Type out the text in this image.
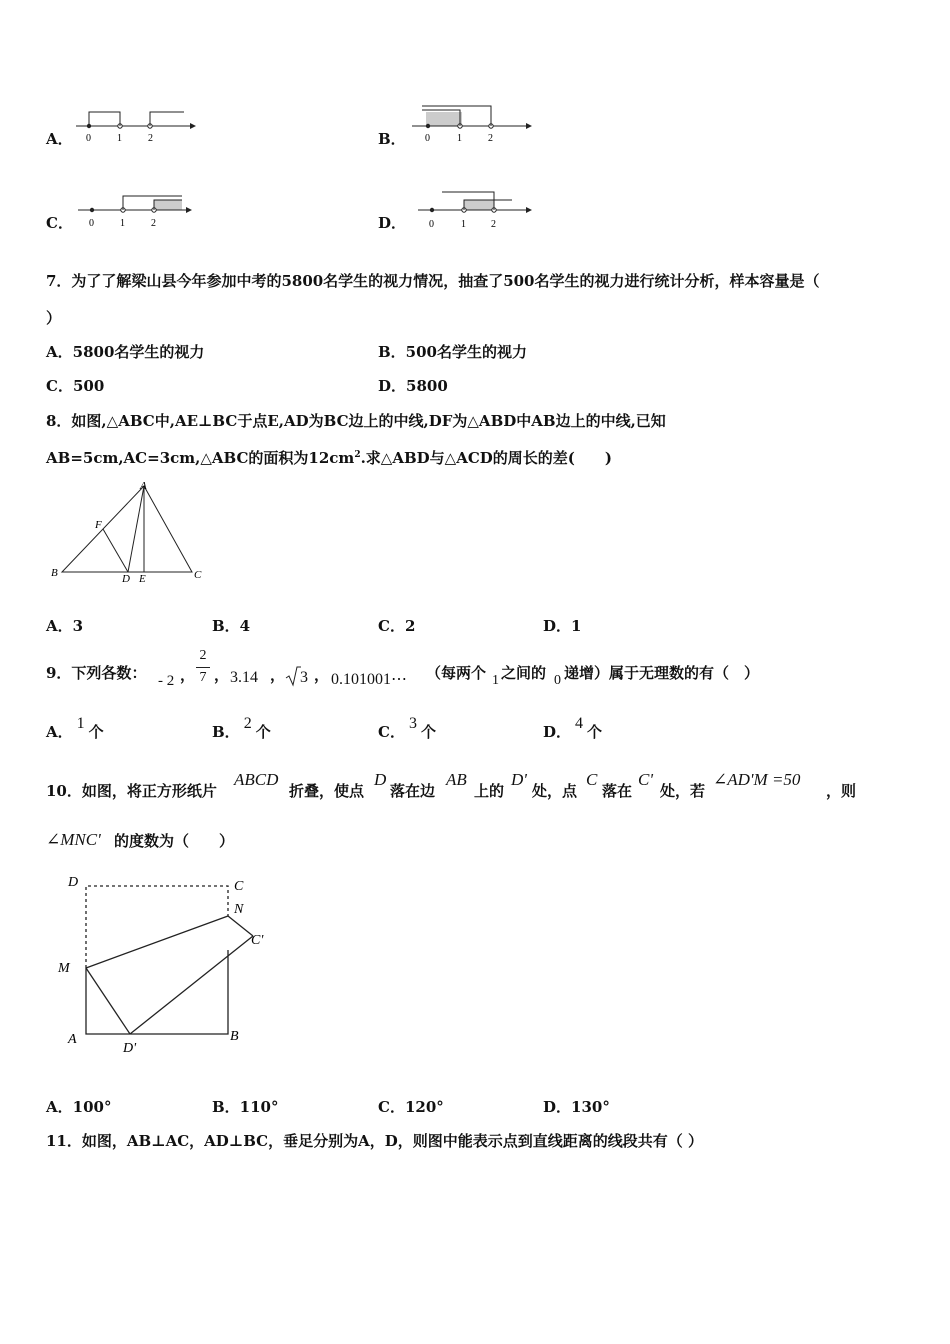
A． 0	1	2	B． 0	1	2
C． 0	1	2	D． 0	1	2
7．为了了解梁山县今年参加中考的5800名学生的视力情况，抽查了500名学生的视力进行统计分析，样本容量是（
）
A．5800名学生的视力	B．500名学生的视力
C．500	D．5800
8．如图,△ABC中,AE⊥BC于点E,AD为BC边上的中线,DF为△ABD中AB边上的中线,已知
AB=5cm,AC=3cm,△ABC的面积为$12cm^2$.求△ABD与△ACD的周长的差(　　)
A
B	C
D E
F
A．3	B．4	C．2	D．1
9．下列各数： - 2 ，
2
7 ， 3.14 ， 3 ， 0.101001⋯ （每两个 1 之间的 0 递增）属于无理数的有（　）
A． 1 个	B． 2 个	C． 3 个	D． 4 个
10．如图，将正方形纸片
ABCD
折叠，使点
D
落在边
AB
上的
D'
处，点
C
落在
C'
处，若
∠AD'M =50
，则
∠MNC' 的度数为（　　）
D	C
N
C'
M
A	B
D'
A．100°	B．110°	C．120°	D．130°
11．如图，AB⊥AC，AD⊥BC，垂足分别为A，D，则图中能表示点到直线距离的线段共有（ ）
